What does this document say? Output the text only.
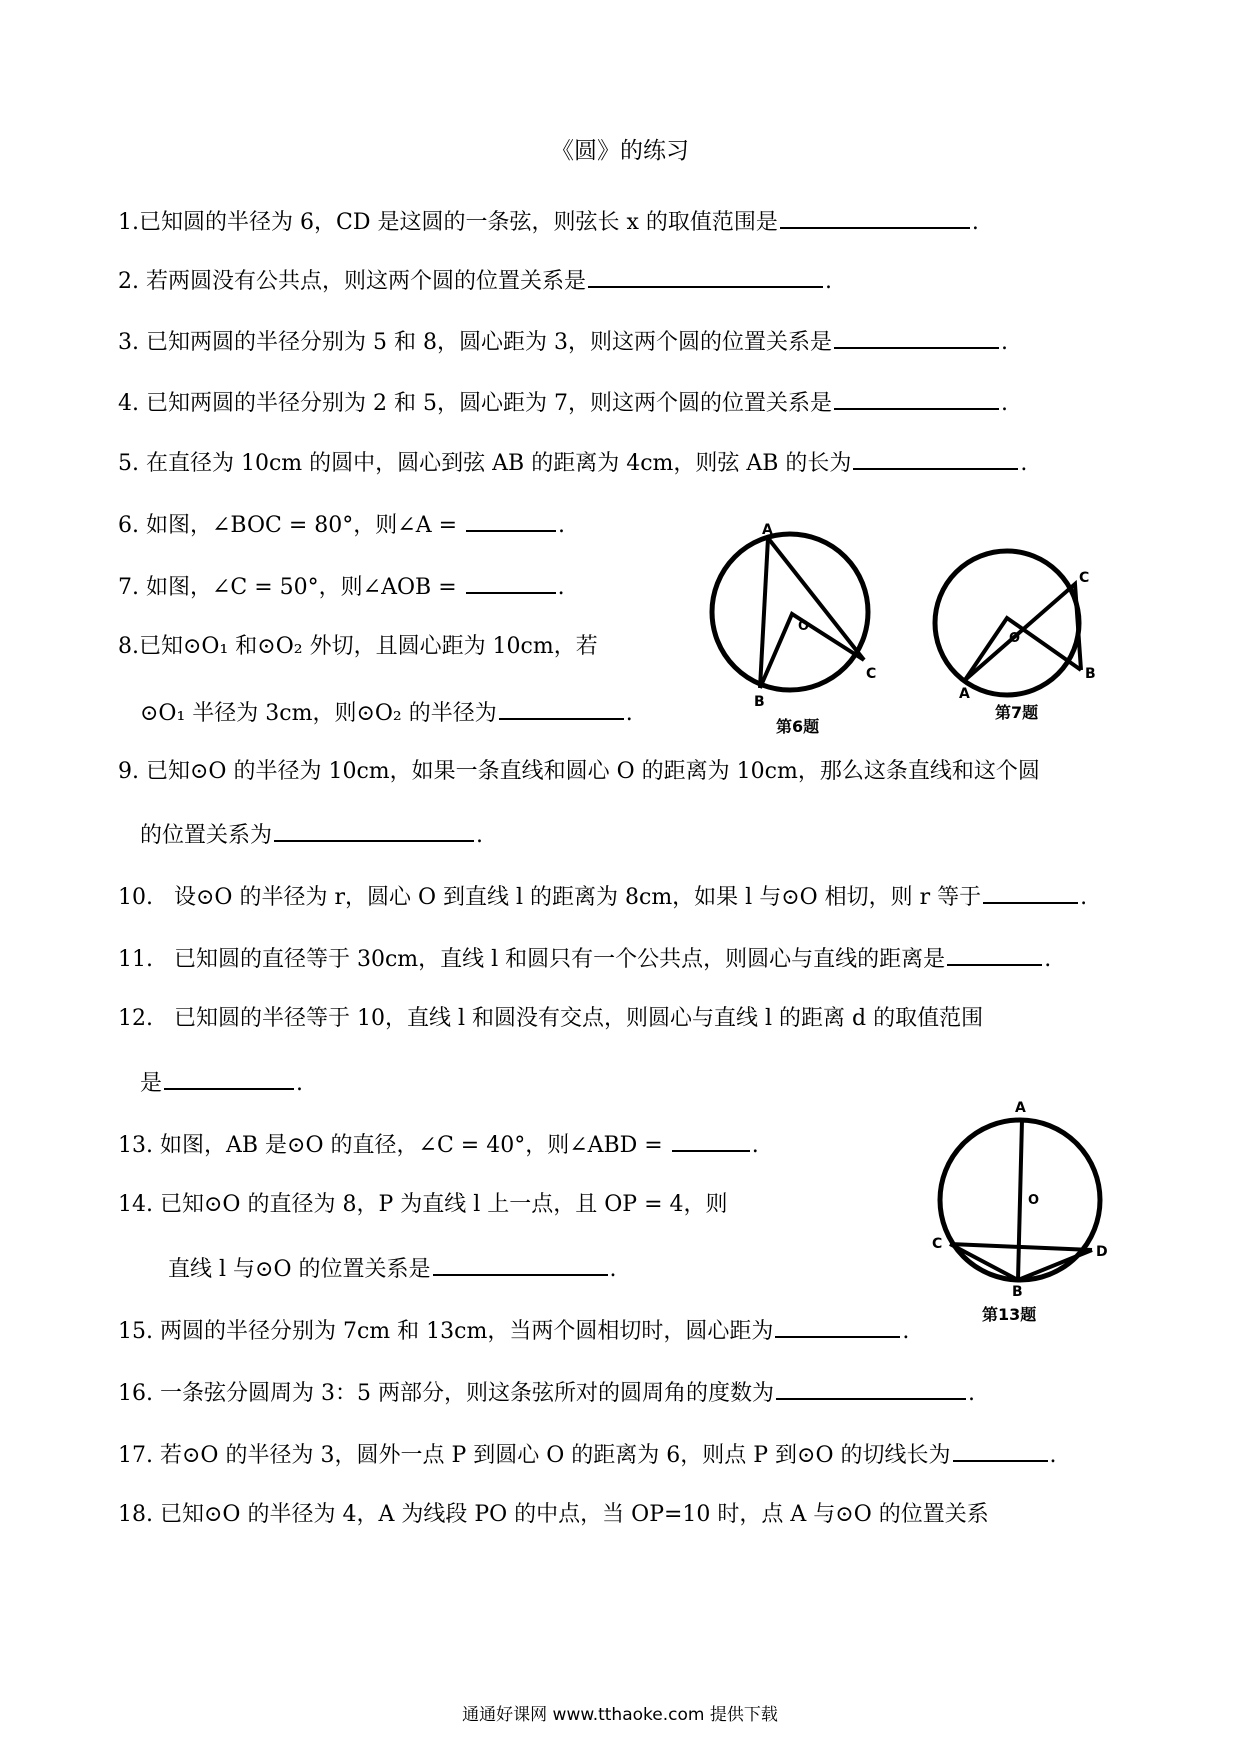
《圆》的练习
1.已知圆的半径为 6，CD 是这圆的一条弦，则弦长 x 的取值范围是	.
2. 若两圆没有公共点，则这两个圆的位置关系是	.
3. 已知两圆的半径分别为 5 和 8，圆心距为 3，则这两个圆的位置关系是	.
4. 已知两圆的半径分别为 2 和 5，圆心距为 7，则这两个圆的位置关系是	.
5. 在直径为 10cm 的圆中，圆心到弦 AB 的距离为 4cm，则弦 AB 的长为	.
6. 如图，∠BOC = 80°，则∠A =	.
7. 如图，∠C = 50°，则∠AOB =	.
8.已知⊙O₁ 和⊙O₂ 外切，且圆心距为 10cm，若
⊙O₁ 半径为 3cm，则⊙O₂ 的半径为	.
9. 已知⊙O 的半径为 10cm，如果一条直线和圆心 O 的距离为 10cm，那么这条直线和这个圆
的位置关系为	.
10. 设⊙O 的半径为 r，圆心 O 到直线 l 的距离为 8cm，如果 l 与⊙O 相切，则 r 等于	.
11. 已知圆的直径等于 30cm，直线 l 和圆只有一个公共点，则圆心与直线的距离是	.
12. 已知圆的半径等于 10，直线 l 和圆没有交点，则圆心与直线 l 的距离 d 的取值范围
是	.
13. 如图，AB 是⊙O 的直径，∠C = 40°，则∠ABD =	.
14. 已知⊙O 的直径为 8，P 为直线 l 上一点，且 OP = 4，则
直线 l 与⊙O 的位置关系是	.
15. 两圆的半径分别为 7cm 和 13cm，当两个圆相切时，圆心距为	.
16. 一条弦分圆周为 3：5 两部分，则这条弦所对的圆周角的度数为	.
17. 若⊙O 的半径为 3，圆外一点 P 到圆心 O 的距离为 6，则点 P 到⊙O 的切线长为	.
18. 已知⊙O 的半径为 4，A 为线段 PO 的中点，当 OP=10 时，点 A 与⊙O 的位置关系
A
B
C
O
第6题
A
B
C
O
第7题
A
B
C	D
O
第13题
通通好课网 www.tthaoke.com 提供下载
